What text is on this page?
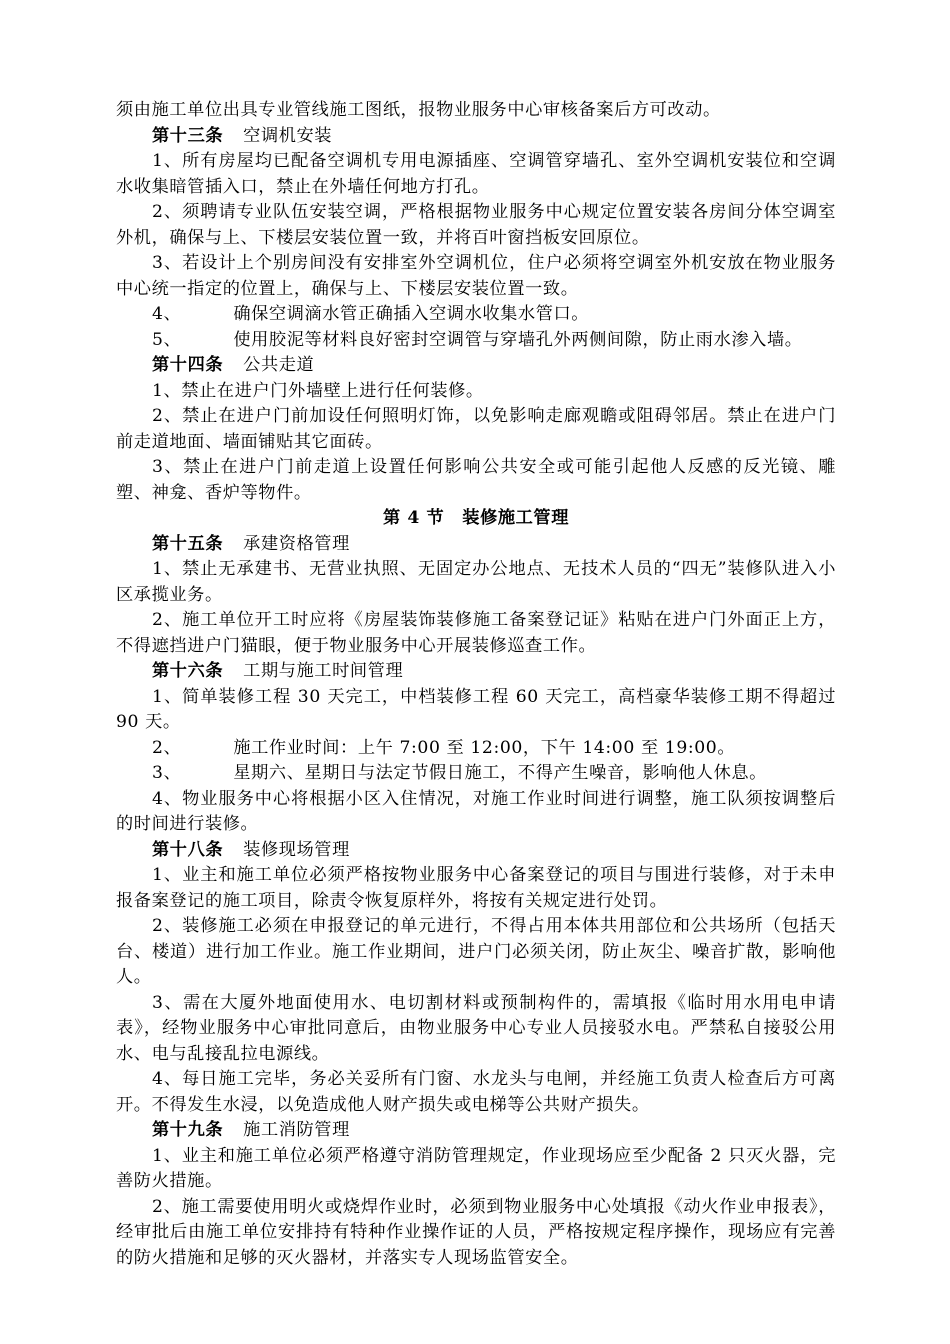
须由施工单位出具专业管线施工图纸，报物业服务中心审核备案后方可改动。

第十三条 空调机安装

1、所有房屋均已配备空调机专用电源插座、空调管穿墙孔、室外空调机安装位和空调水收集暗管插入口，禁止在外墙任何地方打孔。

2、须聘请专业队伍安装空调，严格根据物业服务中心规定位置安装各房间分体空调室外机，确保与上、下楼层安装位置一致，并将百叶窗挡板安回原位。

3、若设计上个别房间没有安排室外空调机位，住户必须将空调室外机安放在物业服务中心统一指定的位置上，确保与上、下楼层安装位置一致。

4、	确保空调滴水管正确插入空调水收集水管口。

5、	使用胶泥等材料良好密封空调管与穿墙孔外两侧间隙，防止雨水渗入墙。

第十四条 公共走道

1、禁止在进户门外墙壁上进行任何装修。

2、禁止在进户门前加设任何照明灯饰，以免影响走廊观瞻或阻碍邻居。禁止在进户门前走道地面、墙面铺贴其它面砖。

3、禁止在进户门前走道上设置任何影响公共安全或可能引起他人反感的反光镜、雕塑、神龛、香炉等物件。

第 4 节 装修施工管理

第十五条 承建资格管理

1、禁止无承建书、无营业执照、无固定办公地点、无技术人员的“四无”装修队进入小区承揽业务。

2、施工单位开工时应将《房屋装饰装修施工备案登记证》粘贴在进户门外面正上方，不得遮挡进户门猫眼，便于物业服务中心开展装修巡查工作。

第十六条 工期与施工时间管理

1、简单装修工程 30 天完工，中档装修工程 60 天完工，高档豪华装修工期不得超过 90 天。

2、	施工作业时间：上午 7:00 至 12:00，下午 14:00 至 19:00。

3、	星期六、星期日与法定节假日施工，不得产生噪音，影响他人休息。

4、物业服务中心将根据小区入住情况，对施工作业时间进行调整，施工队须按调整后的时间进行装修。

第十八条 装修现场管理

1、业主和施工单位必须严格按物业服务中心备案登记的项目与围进行装修，对于未申报备案登记的施工项目，除责令恢复原样外，将按有关规定进行处罚。

2、装修施工必须在申报登记的单元进行，不得占用本体共用部位和公共场所（包括天台、楼道）进行加工作业。施工作业期间，进户门必须关闭，防止灰尘、噪音扩散，影响他人。

3、需在大厦外地面使用水、电切割材料或预制构件的，需填报《临时用水用电申请表》，经物业服务中心审批同意后，由物业服务中心专业人员接驳水电。严禁私自接驳公用水、电与乱接乱拉电源线。

4、每日施工完毕，务必关妥所有门窗、水龙头与电闸，并经施工负责人检查后方可离开。不得发生水浸，以免造成他人财产损失或电梯等公共财产损失。

第十九条 施工消防管理

1、业主和施工单位必须严格遵守消防管理规定，作业现场应至少配备 2 只灭火器，完善防火措施。

2、施工需要使用明火或烧焊作业时，必须到物业服务中心处填报《动火作业申报表》，经审批后由施工单位安排持有特种作业操作证的人员，严格按规定程序操作，现场应有完善的防火措施和足够的灭火器材，并落实专人现场监管安全。
